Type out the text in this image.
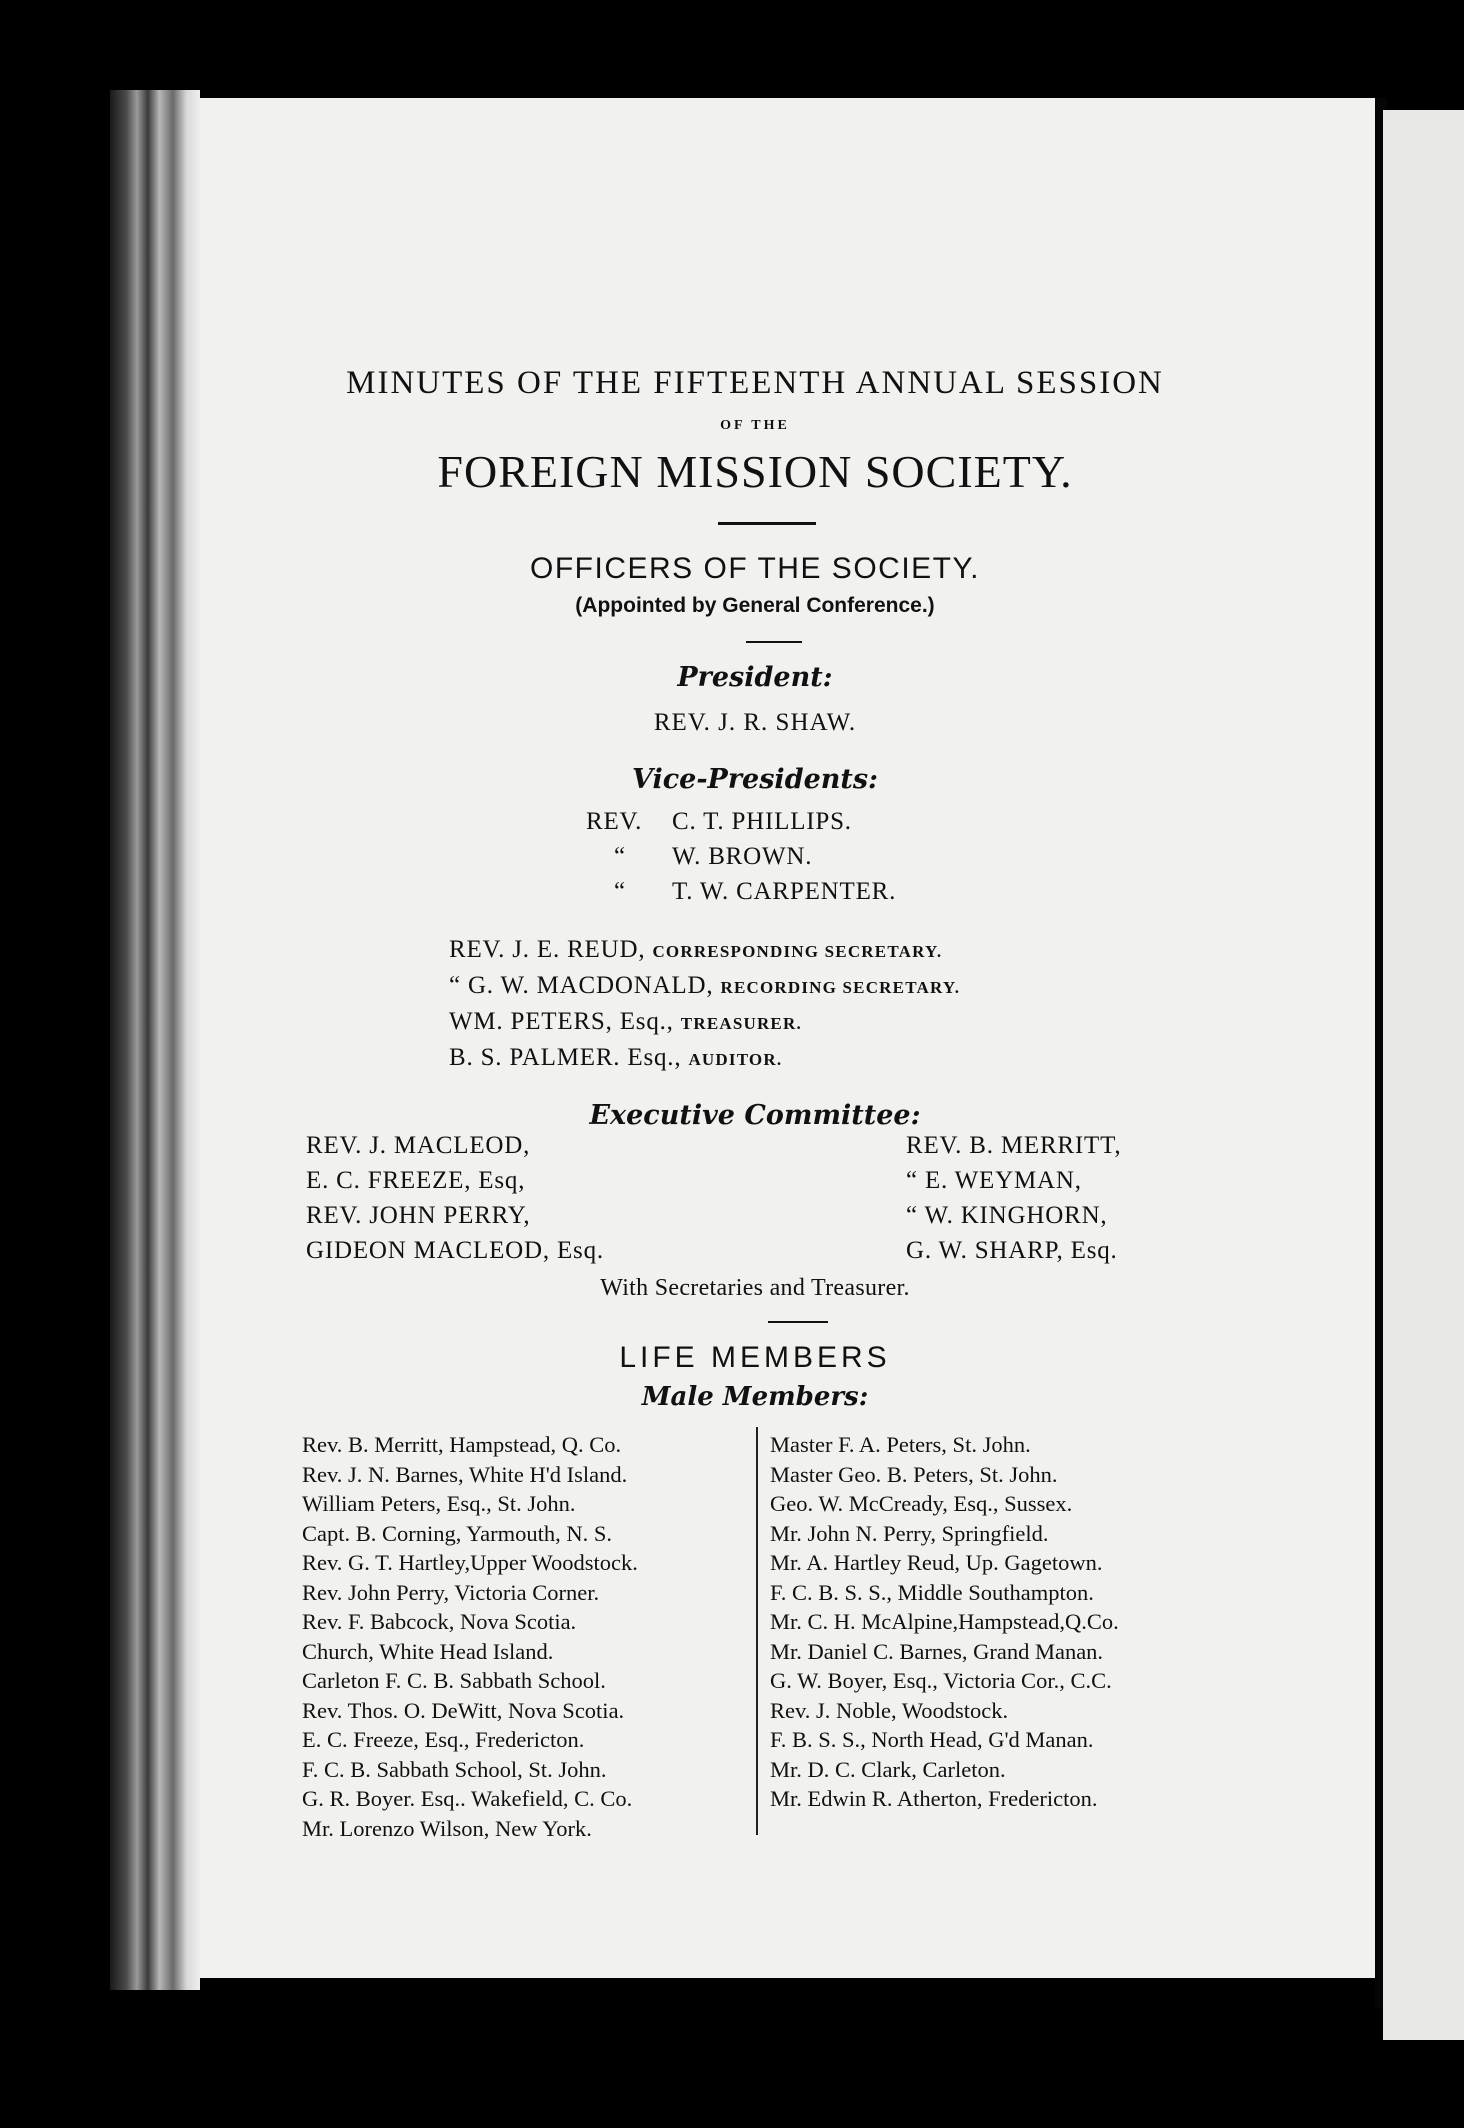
MINUTES OF THE FIFTEENTH ANNUAL SESSION
OF THE
FOREIGN MISSION SOCIETY.
OFFICERS OF THE SOCIETY.
(Appointed by General Conference.)
President:
REV. J. R. SHAW.
Vice-Presidents:
REV. C. T. PHILLIPS.
“ W. BROWN.
“ T. W. CARPENTER.
REV. J. E. REUD, CORRESPONDING SECRETARY.
“ G. W. MACDONALD, RECORDING SECRETARY.
WM. PETERS, Esq., TREASURER.
B. S. PALMER. Esq., AUDITOR.
Executive Committee:
REV. J. MACLEOD,
E. C. FREEZE, Esq,
REV. JOHN PERRY,
GIDEON MACLEOD, Esq.
REV. B. MERRITT,
“ E. WEYMAN,
“ W. KINGHORN,
G. W. SHARP, Esq.
With Secretaries and Treasurer.
LIFE MEMBERS
Male Members:
Rev. B. Merritt, Hampstead, Q. Co.
Rev. J. N. Barnes, White H'd Island.
William Peters, Esq., St. John.
Capt. B. Corning, Yarmouth, N. S.
Rev. G. T. Hartley,Upper Woodstock.
Rev. John Perry, Victoria Corner.
Rev. F. Babcock, Nova Scotia.
Church, White Head Island.
Carleton F. C. B. Sabbath School.
Rev. Thos. O. DeWitt, Nova Scotia.
E. C. Freeze, Esq., Fredericton.
F. C. B. Sabbath School, St. John.
G. R. Boyer. Esq.. Wakefield, C. Co.
Mr. Lorenzo Wilson, New York.
Master F. A. Peters, St. John.
Master Geo. B. Peters, St. John.
Geo. W. McCready, Esq., Sussex.
Mr. John N. Perry, Springfield.
Mr. A. Hartley Reud, Up. Gagetown.
F. C. B. S. S., Middle Southampton.
Mr. C. H. McAlpine,Hampstead,Q.Co.
Mr. Daniel C. Barnes, Grand Manan.
G. W. Boyer, Esq., Victoria Cor., C.C.
Rev. J. Noble, Woodstock.
F. B. S. S., North Head, G'd Manan.
Mr. D. C. Clark, Carleton.
Mr. Edwin R. Atherton, Fredericton.
